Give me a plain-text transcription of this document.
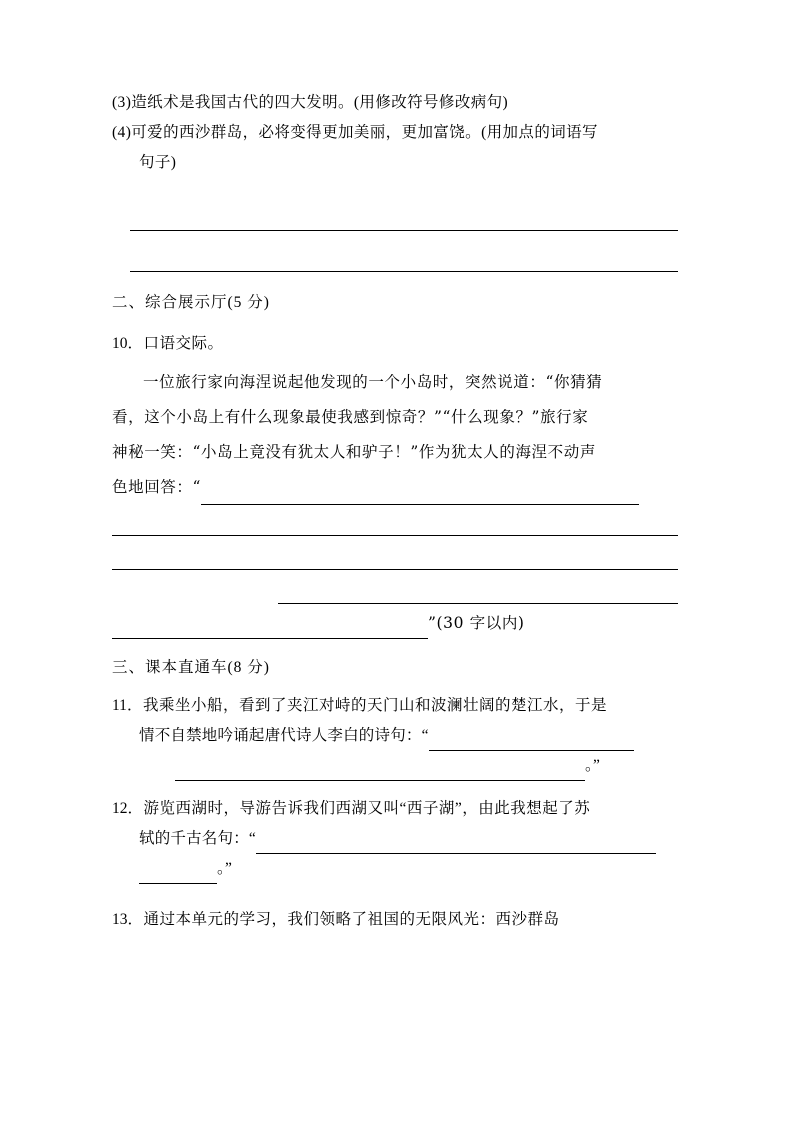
(3)造纸术是我国古代的四大发明。(用修改符号修改病句)
(4)可爱的西沙群岛，必将变得更加美丽，更加富饶。(用加点的词语写
句子)
二、综合展示厅(5 分)
10．口语交际。
一位旅行家向海涅说起他发现的一个小岛时，突然说道：“你猜猜
看，这个小岛上有什么现象最使我感到惊奇？”“什么现象？”旅行家
神秘一笑：“小岛上竟没有犹太人和驴子！”作为犹太人的海涅不动声
色地回答：“
”(30 字以内)
三、课本直通车(8 分)
11．我乘坐小船，看到了夹江对峙的天门山和波澜壮阔的楚江水，于是
情不自禁地吟诵起唐代诗人李白的诗句：“
。”
12．游览西湖时，导游告诉我们西湖又叫“西子湖”，由此我想起了苏
轼的千古名句：“
。”
13．通过本单元的学习，我们领略了祖国的无限风光：西沙群岛
